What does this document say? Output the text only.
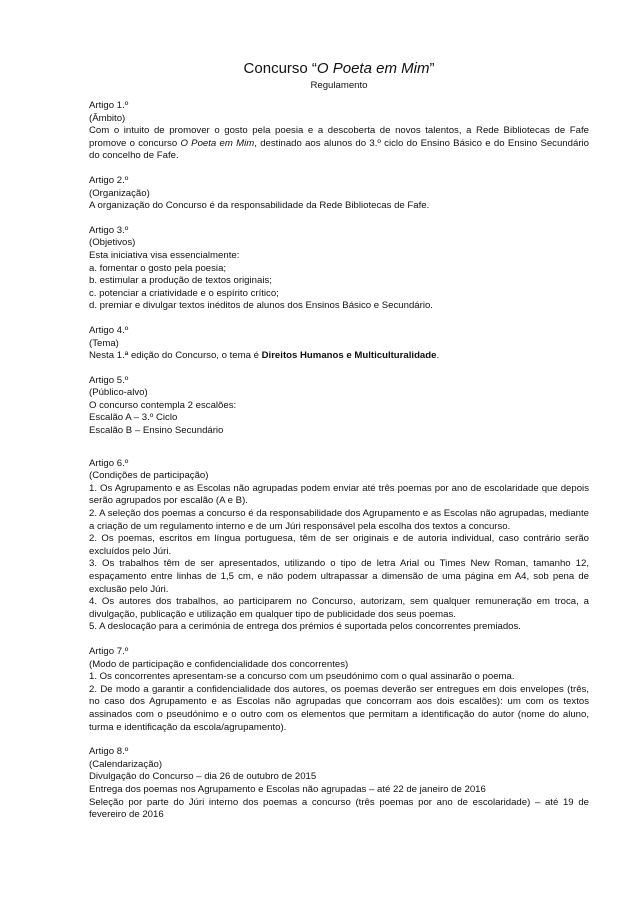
Concurso “O Poeta em Mim”
Regulamento
Artigo 1.º
(Âmbito)
Com o intuito de promover o gosto pela poesia e a descoberta de novos talentos, a Rede Bibliotecas de Fafe promove o concurso O Poeta em Mim, destinado aos alunos do 3.º ciclo do Ensino Básico e do Ensino Secundário do concelho de Fafe.
Artigo 2.º
(Organização)
A organização do Concurso é da responsabilidade da Rede Bibliotecas de Fafe.
Artigo 3.º
(Objetivos)
Esta iniciativa visa essencialmente:
a. fomentar o gosto pela poesia;
b. estimular a produção de textos originais;
c. potenciar a criatividade e o espírito crítico;
d. premiar e divulgar textos inéditos de alunos dos Ensinos Básico e Secundário.
Artigo 4.º
(Tema)
Nesta 1.ª edição do Concurso, o tema é Direitos Humanos e Multiculturalidade.
Artigo 5.º
(Público-alvo)
O concurso contempla 2 escalões:
Escalão A – 3.º Ciclo
Escalão B – Ensino Secundário
Artigo 6.º
(Condições de participação)
1. Os Agrupamento e as Escolas não agrupadas podem enviar até três poemas por ano de escolaridade que depois serão agrupados por escalão (A e B).
2. A seleção dos poemas a concurso é da responsabilidade dos Agrupamento e as Escolas não agrupadas, mediante a criação de um regulamento interno e de um Júri responsável pela escolha dos textos a concurso.
2. Os poemas, escritos em língua portuguesa, têm de ser originais e de autoria individual, caso contrário serão excluídos pelo Júri.
3. Os trabalhos têm de ser apresentados, utilizando o tipo de letra Arial ou Times New Roman, tamanho 12, espaçamento entre linhas de 1,5 cm, e não podem ultrapassar a dimensão de uma página em A4, sob pena de exclusão pelo Júri.
4. Os autores dos trabalhos, ao participarem no Concurso, autorizam, sem qualquer remuneração em troca, a divulgação, publicação e utilização em qualquer tipo de publicidade dos seus poemas.
5. A deslocação para a cerimónia de entrega dos prémios é suportada pelos concorrentes premiados.
Artigo 7.º
(Modo de participação e confidencialidade dos concorrentes)
1. Os concorrentes apresentam-se a concurso com um pseudónimo com o qual assinarão o poema.
2. De modo a garantir a confidencialidade dos autores, os poemas deverão ser entregues em dois envelopes (três, no caso dos Agrupamento e as Escolas não agrupadas que concorram aos dois escalões): um com os textos assinados com o pseudónimo e o outro com os elementos que permitam a identificação do autor (nome do aluno, turma e identificação da escola/agrupamento).
Artigo 8.º
(Calendarização)
Divulgação do Concurso – dia 26 de outubro de 2015
Entrega dos poemas nos Agrupamento e Escolas não agrupadas – até 22 de janeiro de 2016
Seleção por parte do Júri interno dos poemas a concurso (três poemas por ano de escolaridade) – até 19 de fevereiro de 2016
